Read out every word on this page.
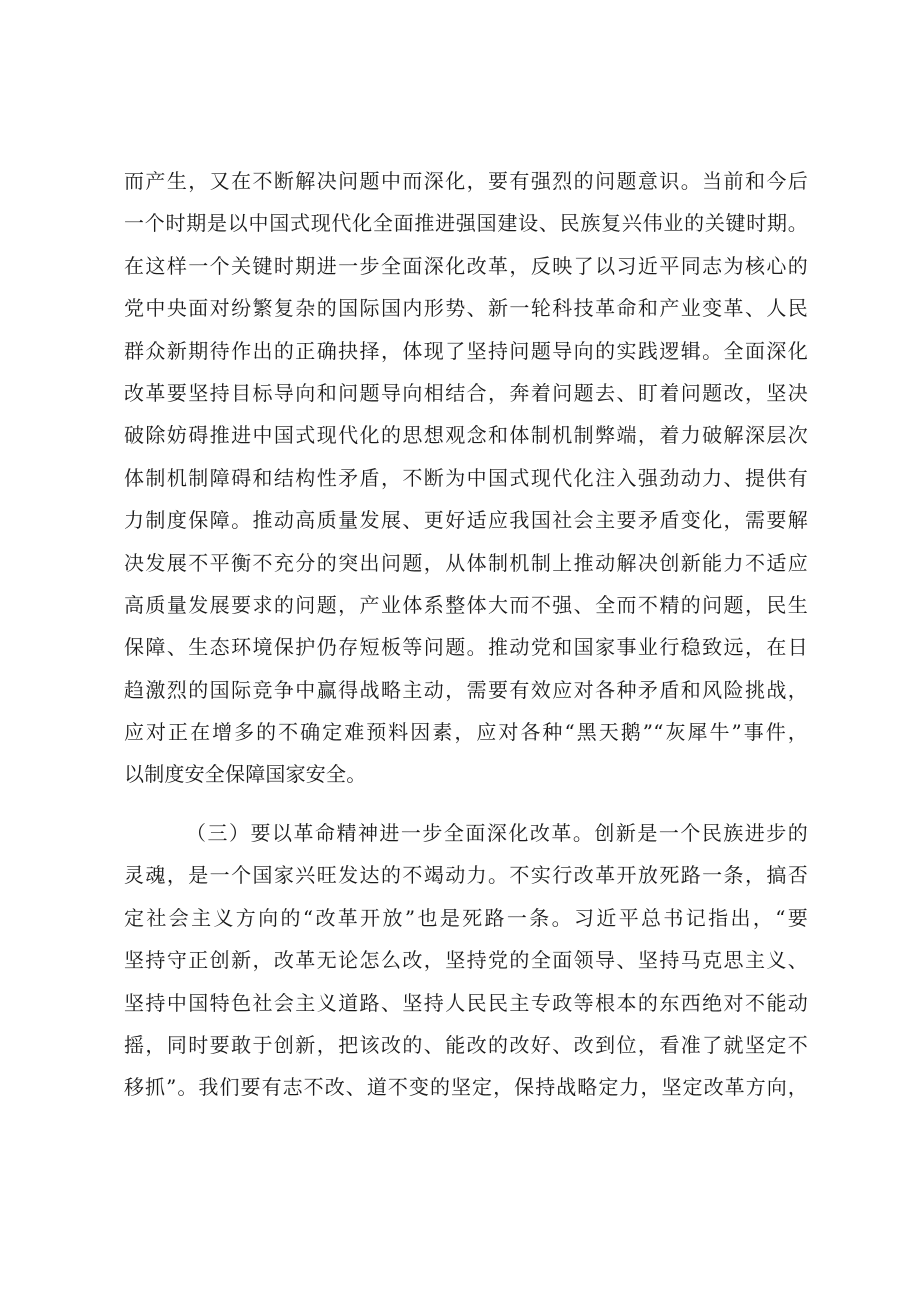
而产生，又在不断解决问题中而深化，要有强烈的问题意识。当前和今后
一个时期是以中国式现代化全面推进强国建设、民族复兴伟业的关键时期。
在这样一个关键时期进一步全面深化改革，反映了以习近平同志为核心的
党中央面对纷繁复杂的国际国内形势、新一轮科技革命和产业变革、人民
群众新期待作出的正确抉择，体现了坚持问题导向的实践逻辑。全面深化
改革要坚持目标导向和问题导向相结合，奔着问题去、盯着问题改，坚决
破除妨碍推进中国式现代化的思想观念和体制机制弊端，着力破解深层次
体制机制障碍和结构性矛盾，不断为中国式现代化注入强劲动力、提供有
力制度保障。推动高质量发展、更好适应我国社会主要矛盾变化，需要解
决发展不平衡不充分的突出问题，从体制机制上推动解决创新能力不适应
高质量发展要求的问题，产业体系整体大而不强、全而不精的问题，民生
保障、生态环境保护仍存短板等问题。推动党和国家事业行稳致远，在日
趋激烈的国际竞争中赢得战略主动，需要有效应对各种矛盾和风险挑战，
应对正在增多的不确定难预料因素，应对各种“黑天鹅”“灰犀牛”事件，
以制度安全保障国家安全。
（三）要以革命精神进一步全面深化改革。创新是一个民族进步的
灵魂，是一个国家兴旺发达的不竭动力。不实行改革开放死路一条，搞否
定社会主义方向的“改革开放”也是死路一条。习近平总书记指出，“要
坚持守正创新，改革无论怎么改，坚持党的全面领导、坚持马克思主义、
坚持中国特色社会主义道路、坚持人民民主专政等根本的东西绝对不能动
摇，同时要敢于创新，把该改的、能改的改好、改到位，看准了就坚定不
移抓”。我们要有志不改、道不变的坚定，保持战略定力，坚定改革方向，
